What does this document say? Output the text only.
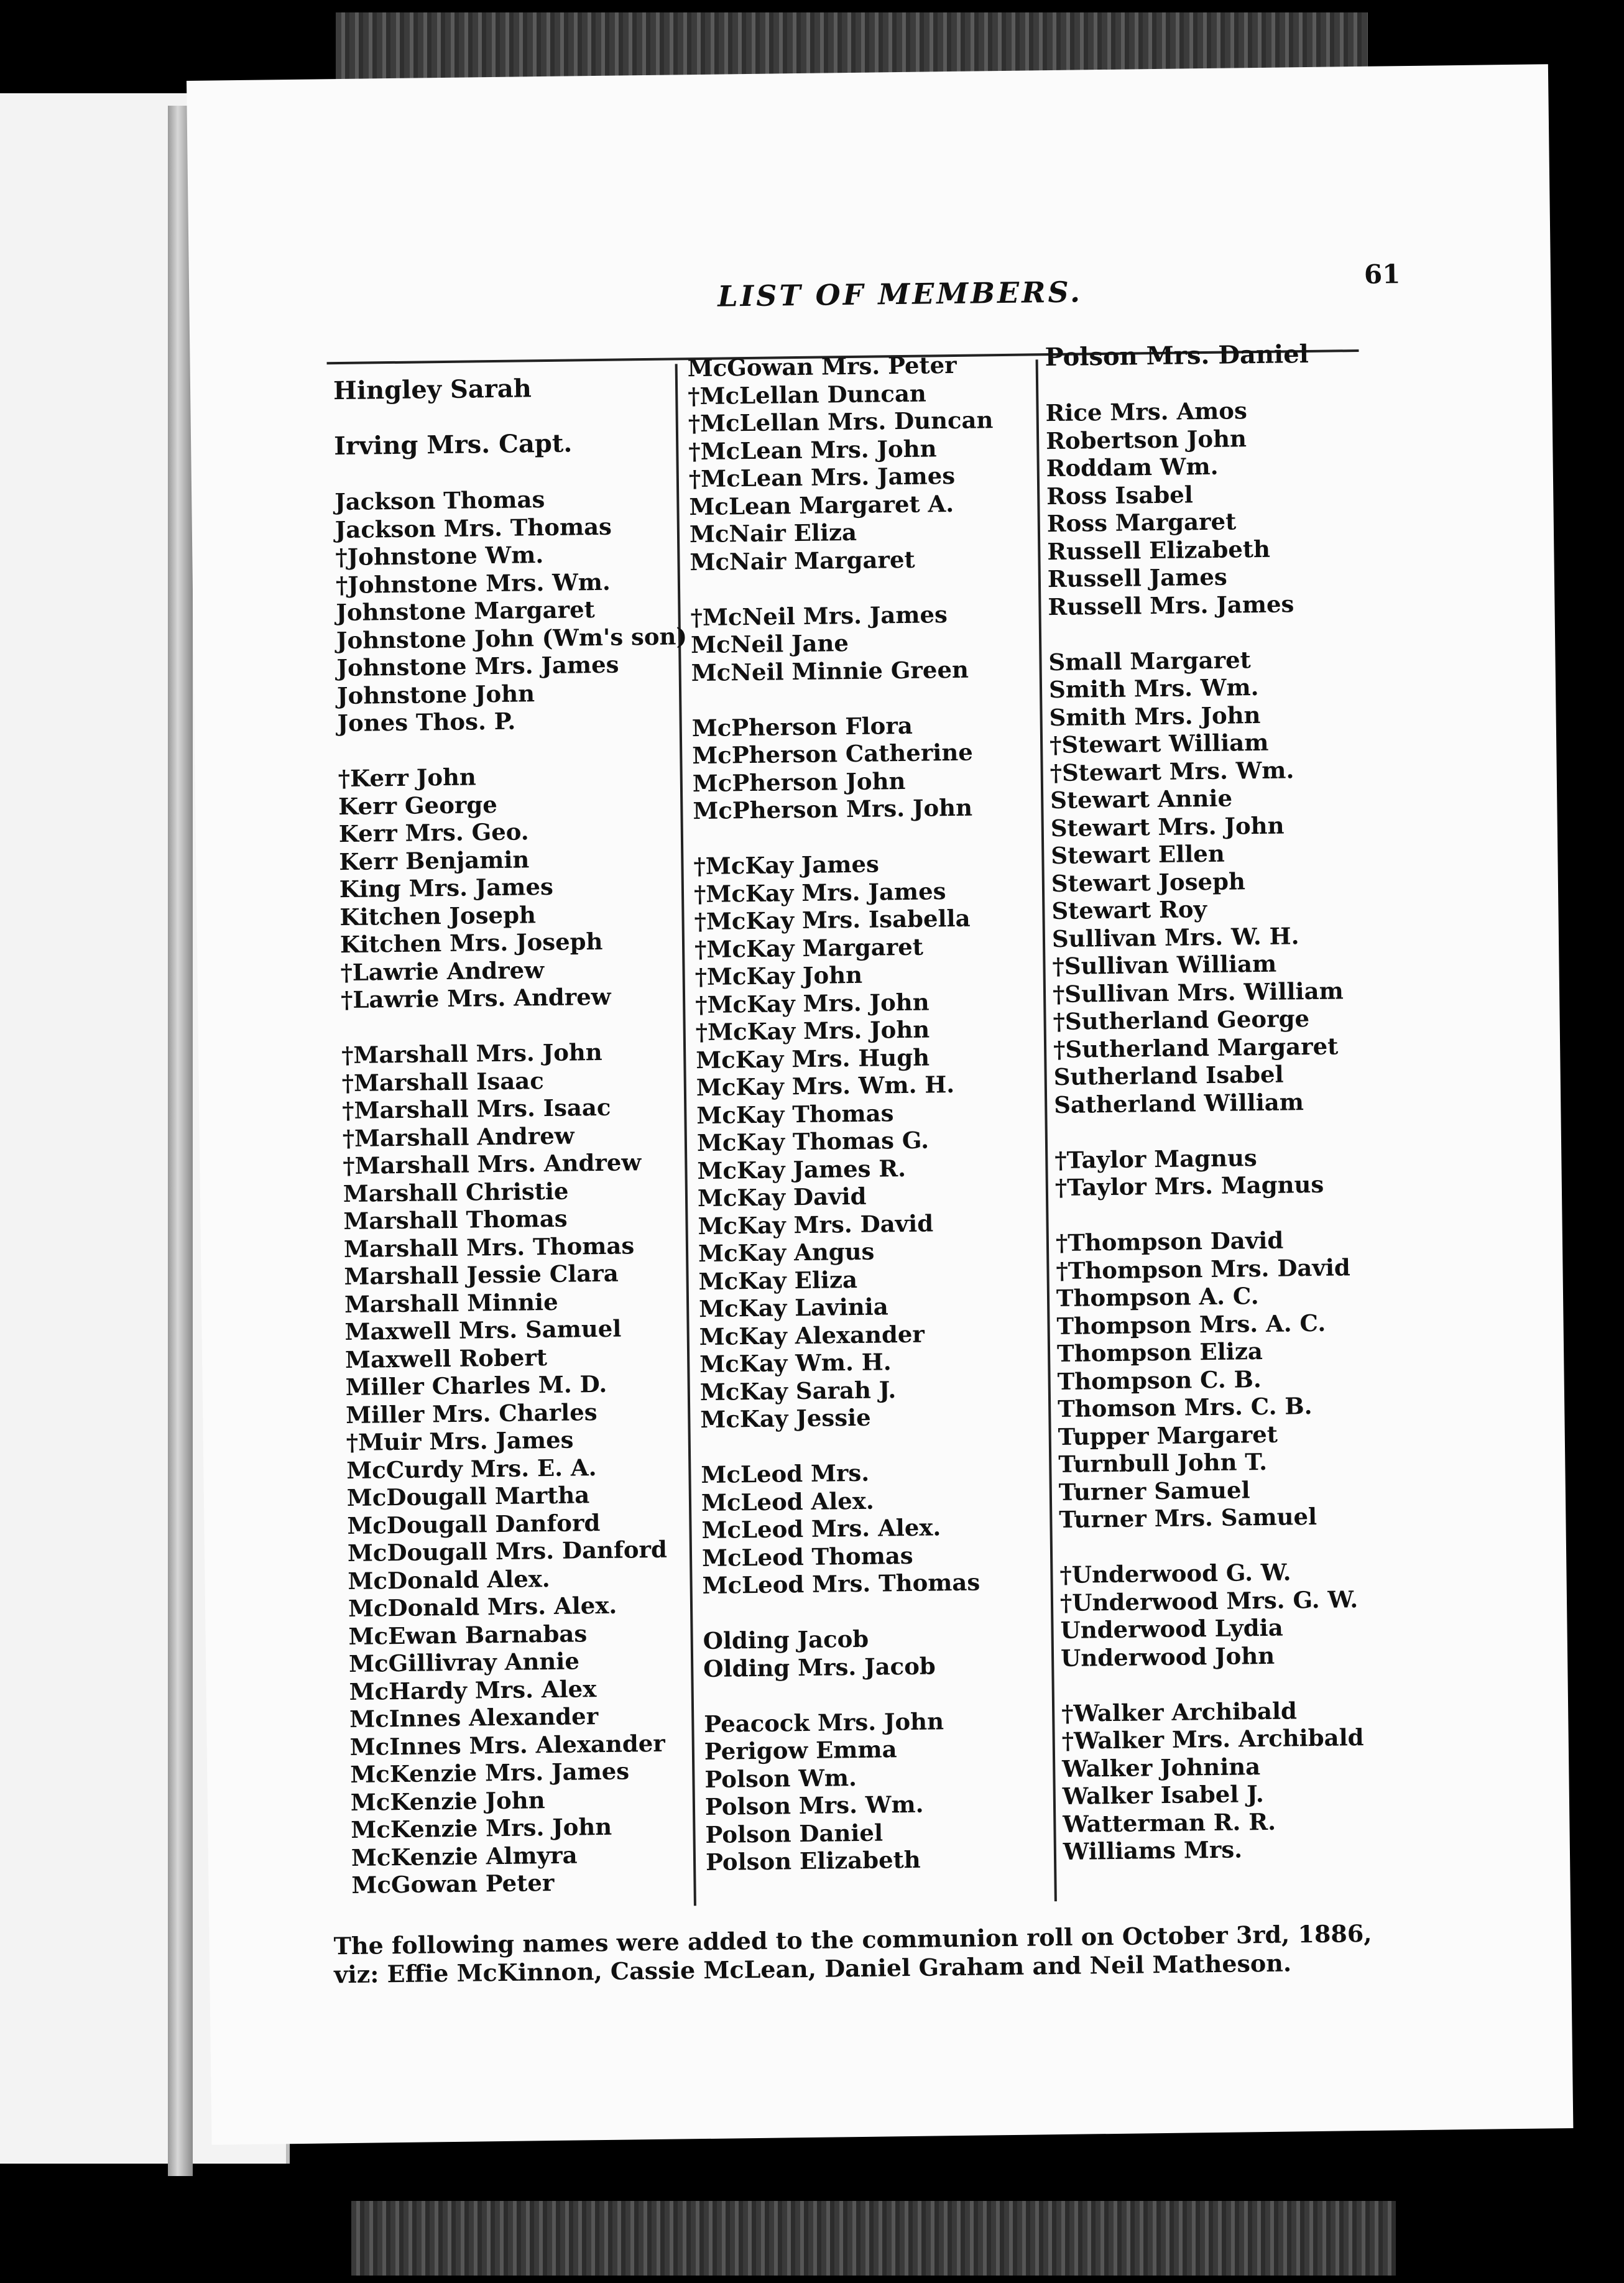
LIST OF MEMBERS.
61
Hingley Sarah
Irving Mrs. Capt.
Jackson Thomas
Jackson Mrs. Thomas
†Johnstone Wm.
†Johnstone Mrs. Wm.
Johnstone Margaret
Johnstone John (Wm's son)
Johnstone Mrs. James
Johnstone John
Jones Thos. P.
†Kerr John
Kerr George
Kerr Mrs. Geo.
Kerr Benjamin
King Mrs. James
Kitchen Joseph
Kitchen Mrs. Joseph
†Lawrie Andrew
†Lawrie Mrs. Andrew
†Marshall Mrs. John
†Marshall Isaac
†Marshall Mrs. Isaac
†Marshall Andrew
†Marshall Mrs. Andrew
Marshall Christie
Marshall Thomas
Marshall Mrs. Thomas
Marshall Jessie Clara
Marshall Minnie
Maxwell Mrs. Samuel
Maxwell Robert
Miller Charles M. D.
Miller Mrs. Charles
†Muir Mrs. James
McCurdy Mrs. E. A.
McDougall Martha
McDougall Danford
McDougall Mrs. Danford
McDonald Alex.
McDonald Mrs. Alex.
McEwan Barnabas
McGillivray Annie
McHardy Mrs. Alex
McInnes Alexander
McInnes Mrs. Alexander
McKenzie Mrs. James
McKenzie John
McKenzie Mrs. John
McKenzie Almyra
McGowan Peter
McGowan Mrs. Peter
†McLellan Duncan
†McLellan Mrs. Duncan
†McLean Mrs. John
†McLean Mrs. James
McLean Margaret A.
McNair Eliza
McNair Margaret
†McNeil Mrs. James
McNeil Jane
McNeil Minnie Green
McPherson Flora
McPherson Catherine
McPherson John
McPherson Mrs. John
†McKay James
†McKay Mrs. James
†McKay Mrs. Isabella
†McKay Margaret
†McKay John
†McKay Mrs. John
†McKay Mrs. John
McKay Mrs. Hugh
McKay Mrs. Wm. H.
McKay Thomas
McKay Thomas G.
McKay James R.
McKay David
McKay Mrs. David
McKay Angus
McKay Eliza
McKay Lavinia
McKay Alexander
McKay Wm. H.
McKay Sarah J.
McKay Jessie
McLeod Mrs.
McLeod Alex.
McLeod Mrs. Alex.
McLeod Thomas
McLeod Mrs. Thomas
Olding Jacob
Olding Mrs. Jacob
Peacock Mrs. John
Perigow Emma
Polson Wm.
Polson Mrs. Wm.
Polson Daniel
Polson Elizabeth
Polson Mrs. Daniel
Rice Mrs. Amos
Robertson John
Roddam Wm.
Ross Isabel
Ross Margaret
Russell Elizabeth
Russell James
Russell Mrs. James
Small Margaret
Smith Mrs. Wm.
Smith Mrs. John
†Stewart William
†Stewart Mrs. Wm.
Stewart Annie
Stewart Mrs. John
Stewart Ellen
Stewart Joseph
Stewart Roy
Sullivan Mrs. W. H.
†Sullivan William
†Sullivan Mrs. William
†Sutherland George
†Sutherland Margaret
Sutherland Isabel
Satherland William
†Taylor Magnus
†Taylor Mrs. Magnus
†Thompson David
†Thompson Mrs. David
Thompson A. C.
Thompson Mrs. A. C.
Thompson Eliza
Thompson C. B.
Thomson Mrs. C. B.
Tupper Margaret
Turnbull John T.
Turner Samuel
Turner Mrs. Samuel
†Underwood G. W.
†Underwood Mrs. G. W.
Underwood Lydia
Underwood John
†Walker Archibald
†Walker Mrs. Archibald
Walker Johnina
Walker Isabel J.
Watterman R. R.
Williams Mrs.
The following names were added to the communion roll on October 3rd, 1886, viz: Effie McKinnon, Cassie McLean, Daniel Graham and Neil Matheson.
